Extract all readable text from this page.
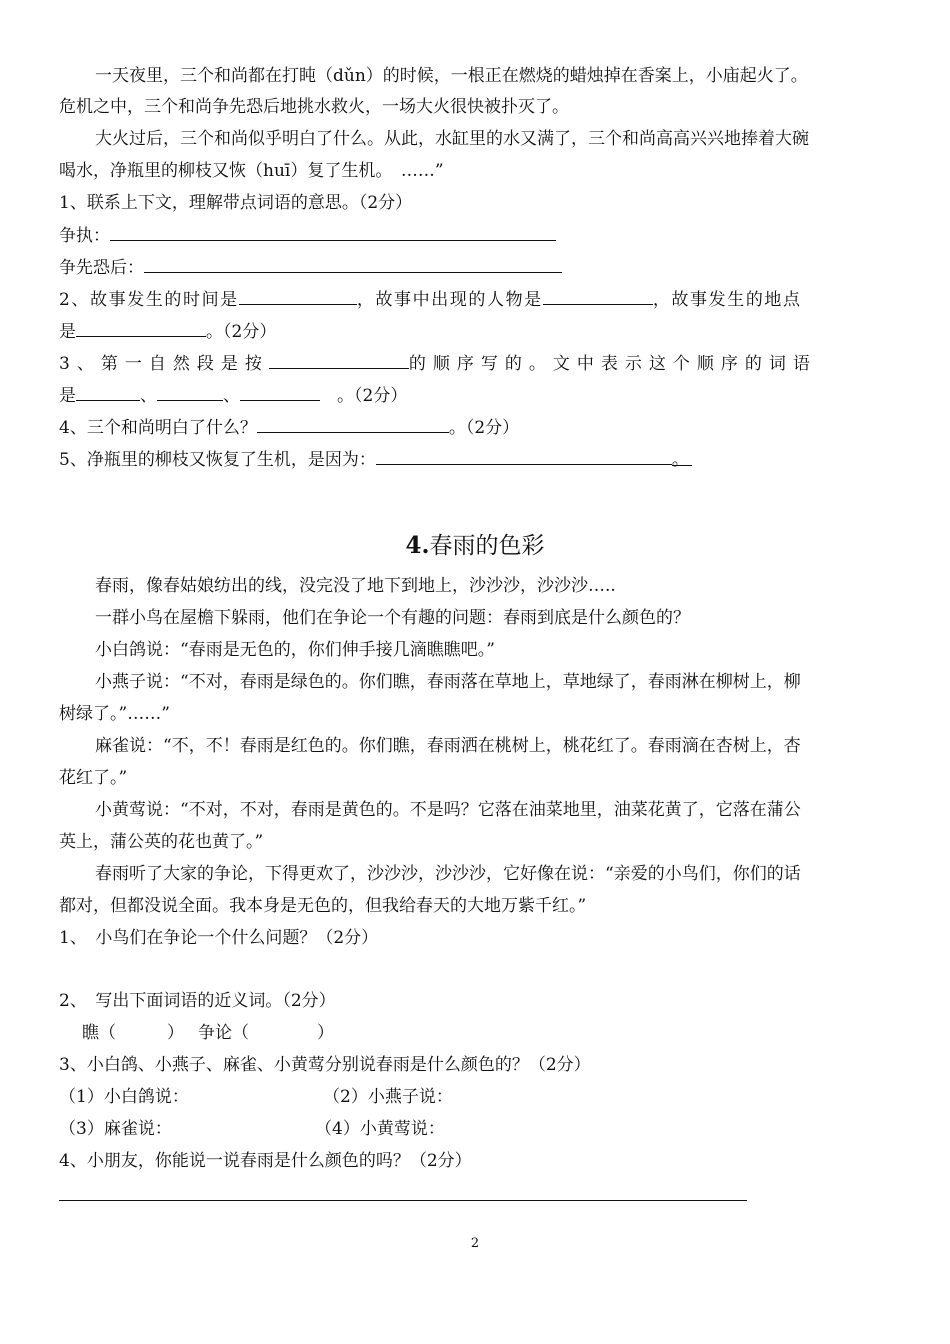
一天夜里，三个和尚都在打盹（dǔn）的时候，一根正在燃烧的蜡烛掉在香案上，小庙起火了。
危机之中，三个和尚争先恐后地挑水救火，一场大火很快被扑灭了。
大火过后，三个和尚似乎明白了什么。从此，水缸里的水又满了，三个和尚高高兴兴地捧着大碗
喝水，净瓶里的柳枝又恢（huī）复了生机。　……”
1、联系上下文，理解带点词语的意思。（2分）
争执：
争先恐后：
2、故事发生的时间是	，故事中出现的人物是	，故事发生的地点
是	。（2分）
3、第一自然段是按	的顺序写的。文中表示这个顺序的词语
是	、	、　	。（2分）
4、三个和尚明白了什么？	。（2分）
5、净瓶里的柳枝又恢复了生机，是因为：	。
4.春雨的色彩
春雨，像春姑娘纺出的线，没完没了地下到地上，沙沙沙，沙沙沙…..
一群小鸟在屋檐下躲雨，他们在争论一个有趣的问题：春雨到底是什么颜色的？
小白鸽说：“春雨是无色的，你们伸手接几滴瞧瞧吧。”
小燕子说：“不对，春雨是绿色的。你们瞧，春雨落在草地上，草地绿了，春雨淋在柳树上，柳
树绿了。”……”
麻雀说：“不，不！春雨是红色的。你们瞧，春雨洒在桃树上，桃花红了。春雨滴在杏树上，杏
花红了。”
小黄莺说：“不对，不对，春雨是黄色的。不是吗？它落在油菜地里，油菜花黄了，它落在蒲公
英上，蒲公英的花也黄了。”
春雨听了大家的争论，下得更欢了，沙沙沙，沙沙沙，它好像在说：“亲爱的小鸟们，你们的话
都对，但都没说全面。我本身是无色的，但我给春天的大地万紫千红。”
1、　小鸟们在争论一个什么问题？（2分）
2、　写出下面词语的近义词。（2分）
瞧（　　　） 争论（　　　　）
3、小白鸽、小燕子、麻雀、小黄莺分别说春雨是什么颜色的？（2分）
（1）小白鸽说：	（2）小燕子说：
（3）麻雀说：	（4）小黄莺说：
4、小朋友，你能说一说春雨是什么颜色的吗？（2分）
2
